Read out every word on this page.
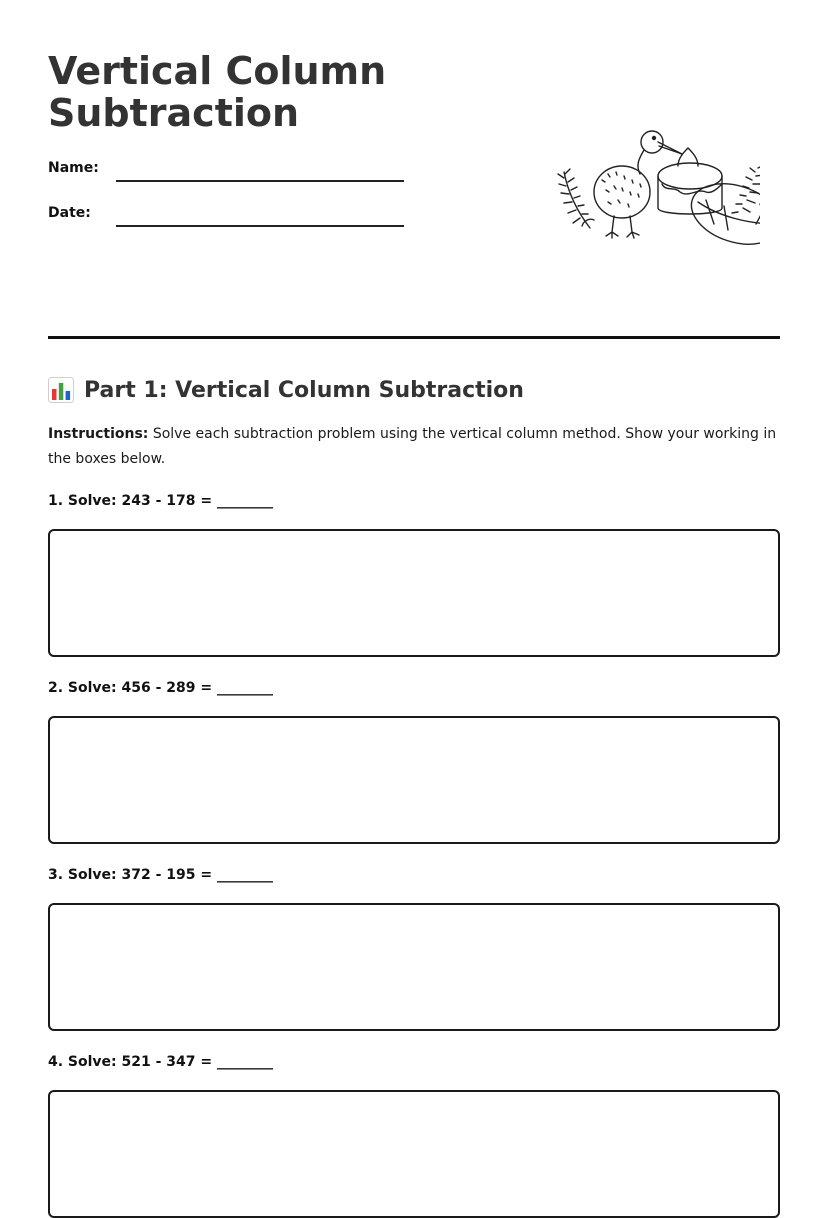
Vertical Column Subtraction
Name:
Date:
Part 1: Vertical Column Subtraction
Instructions: Solve each subtraction problem using the vertical column method. Show your working in the boxes below.
1. Solve: 243 - 178 = ________
2. Solve: 456 - 289 = ________
3. Solve: 372 - 195 = ________
4. Solve: 521 - 347 = ________
